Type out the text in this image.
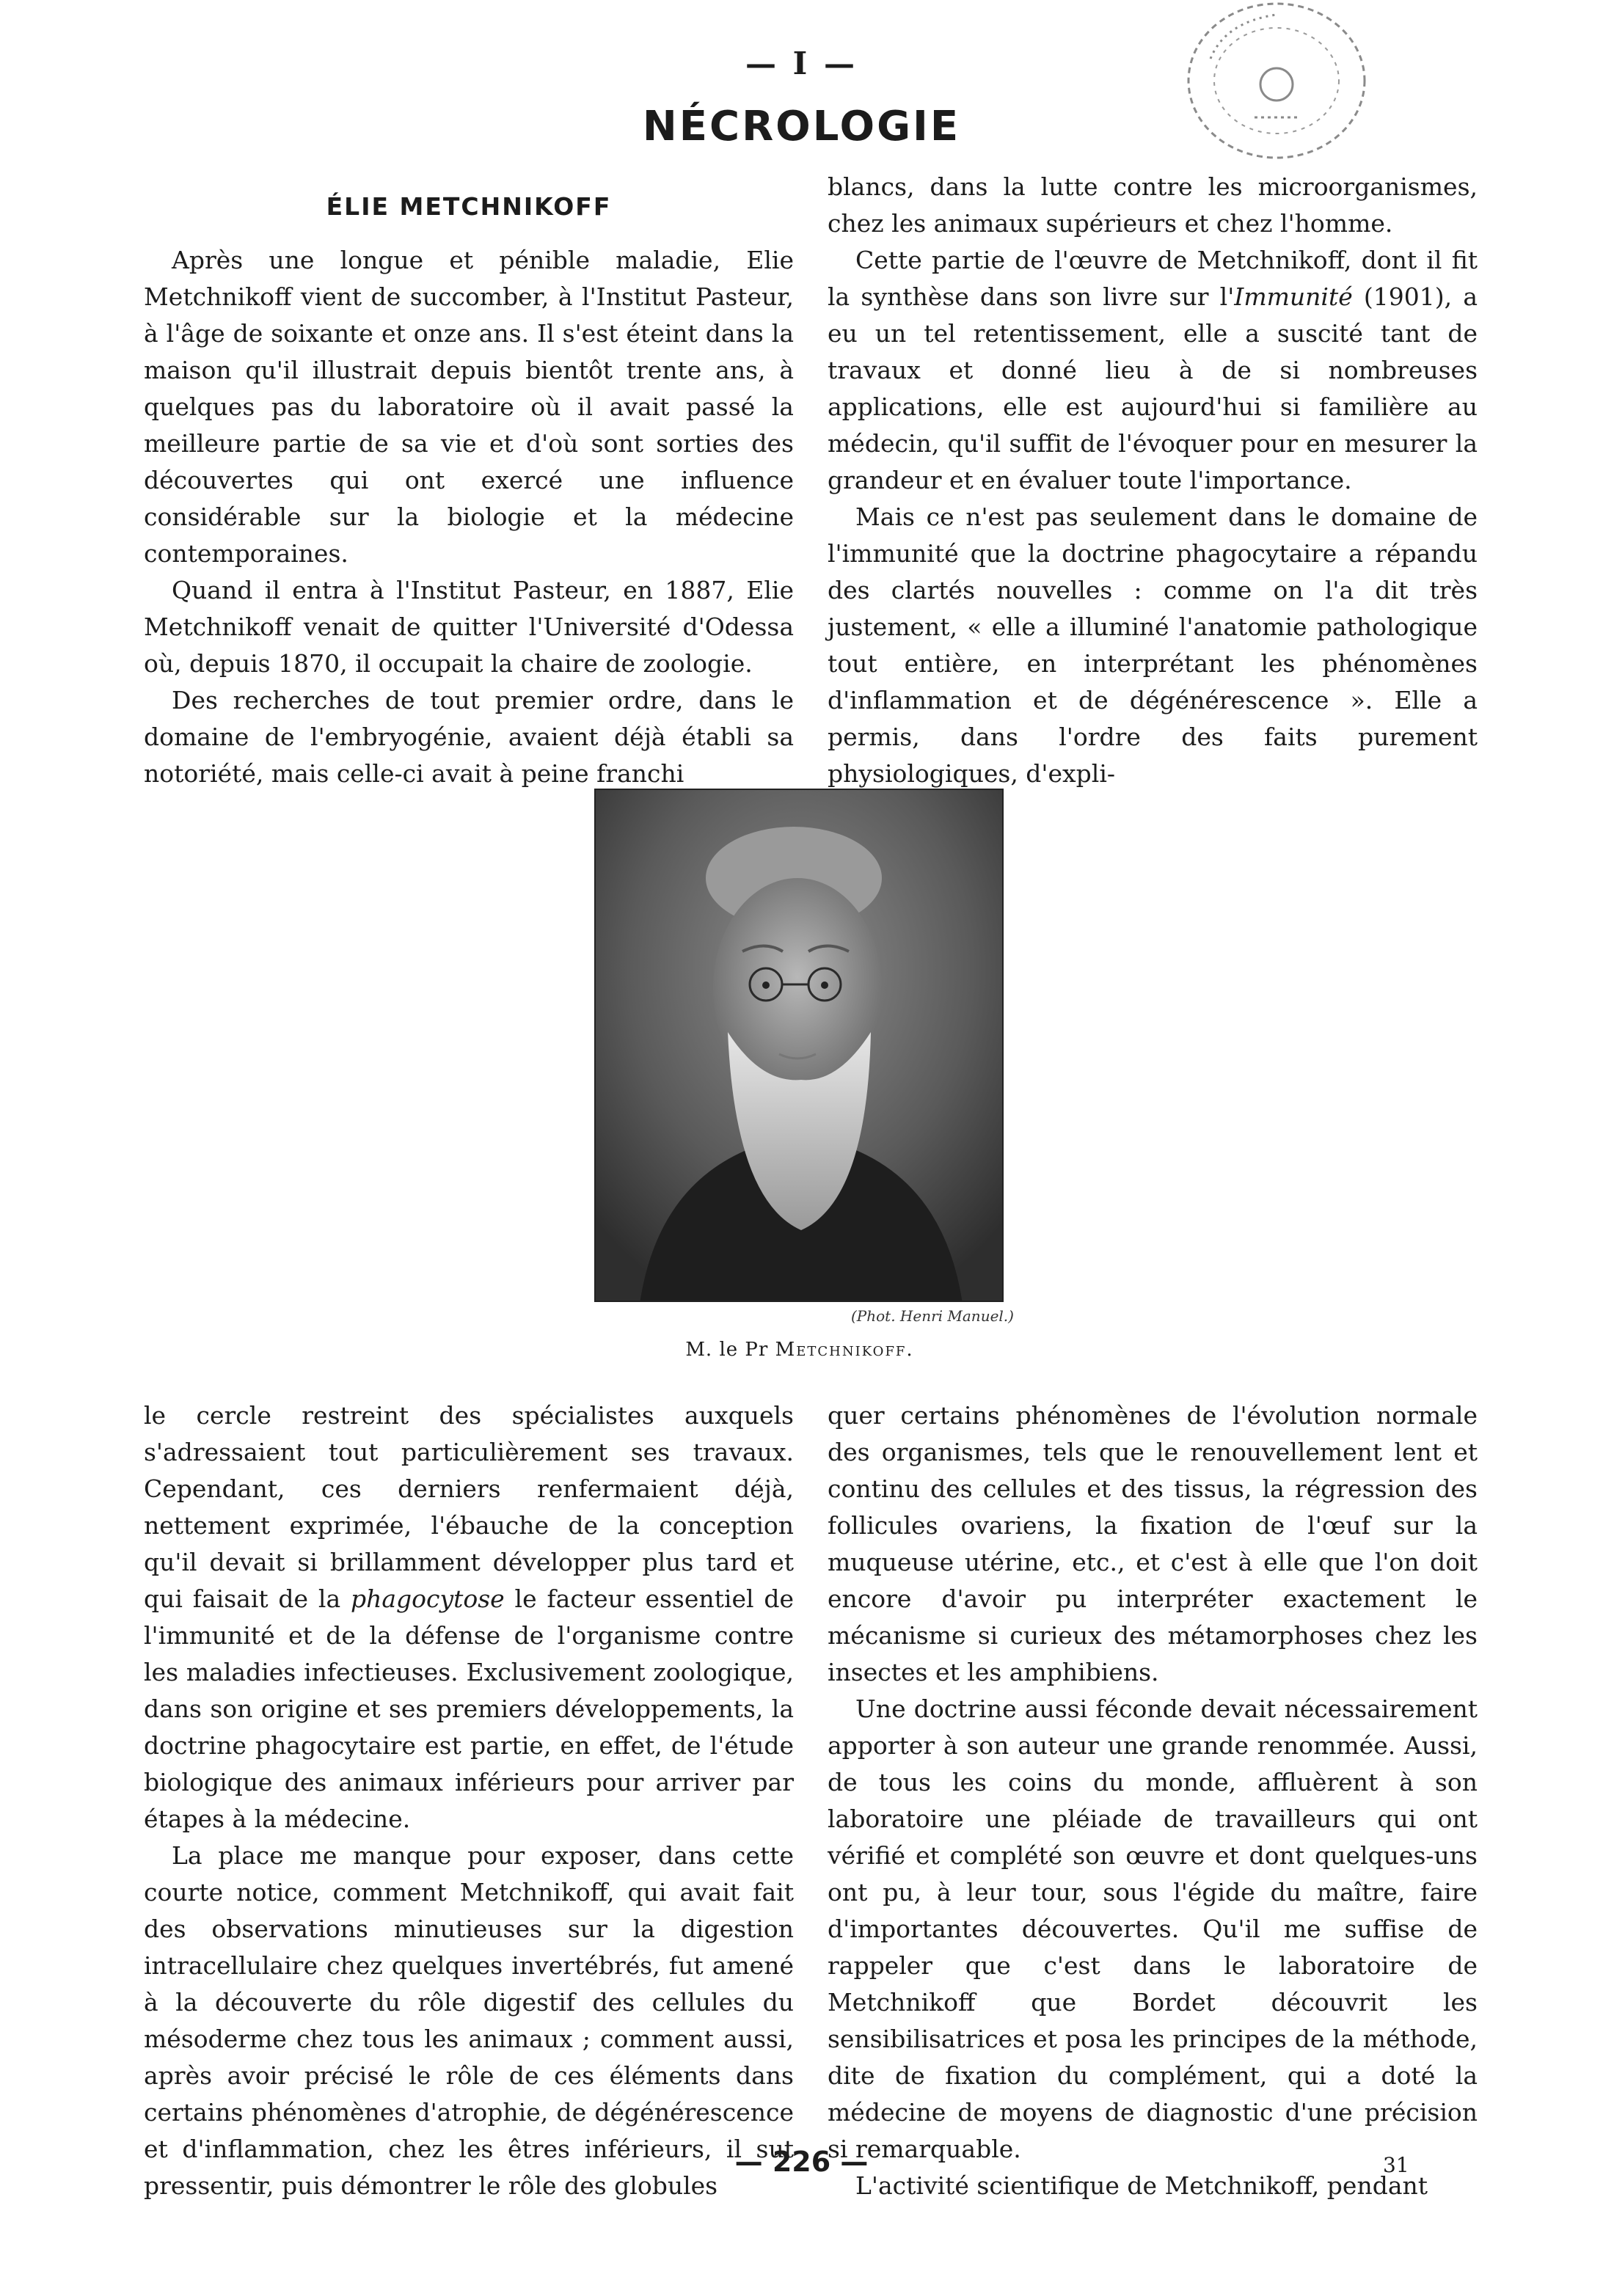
— I —
NÉCROLOGIE
ÉLIE METCHNIKOFF

Après une longue et pénible maladie, Elie Metchnikoff vient de succomber, à l'Institut Pasteur, à l'âge de soixante et onze ans. Il s'est éteint dans la maison qu'il illustrait depuis bientôt trente ans, à quelques pas du laboratoire où il avait passé la meilleure partie de sa vie et d'où sont sorties des découvertes qui ont exercé une influence considérable sur la biologie et la médecine contemporaines.

Quand il entra à l'Institut Pasteur, en 1887, Elie Metchnikoff venait de quitter l'Université d'Odessa où, depuis 1870, il occupait la chaire de zoologie.

Des recherches de tout premier ordre, dans le domaine de l'embryogénie, avaient déjà établi sa notoriété, mais celle-ci avait à peine franchi

blancs, dans la lutte contre les microorganismes, chez les animaux supérieurs et chez l'homme.

Cette partie de l'œuvre de Metchnikoff, dont il fit la synthèse dans son livre sur l'Immunité (1901), a eu un tel retentissement, elle a suscité tant de travaux et donné lieu à de si nombreuses applications, elle est aujourd'hui si familière au médecin, qu'il suffit de l'évoquer pour en mesurer la grandeur et en évaluer toute l'importance.

Mais ce n'est pas seulement dans le domaine de l'immunité que la doctrine phagocytaire a répandu des clartés nouvelles : comme on l'a dit très justement, « elle a illuminé l'anatomie pathologique tout entière, en interprétant les phénomènes d'inflammation et de dégénérescence ». Elle a permis, dans l'ordre des faits purement physiologiques, d'expli-

(Phot. Henri Manuel.)
M. le Pr Metchnikoff.

le cercle restreint des spécialistes auxquels s'adressaient tout particulièrement ses travaux. Cependant, ces derniers renfermaient déjà, nettement exprimée, l'ébauche de la conception qu'il devait si brillamment développer plus tard et qui faisait de la phagocytose le facteur essentiel de l'immunité et de la défense de l'organisme contre les maladies infectieuses. Exclusivement zoologique, dans son origine et ses premiers développements, la doctrine phagocytaire est partie, en effet, de l'étude biologique des animaux inférieurs pour arriver par étapes à la médecine.

La place me manque pour exposer, dans cette courte notice, comment Metchnikoff, qui avait fait des observations minutieuses sur la digestion intracellulaire chez quelques invertébrés, fut amené à la découverte du rôle digestif des cellules du mésoderme chez tous les animaux ; comment aussi, après avoir précisé le rôle de ces éléments dans certains phénomènes d'atrophie, de dégénérescence et d'inflammation, chez les êtres inférieurs, il sut pressentir, puis démontrer le rôle des globules

quer certains phénomènes de l'évolution normale des organismes, tels que le renouvellement lent et continu des cellules et des tissus, la régression des follicules ovariens, la fixation de l'œuf sur la muqueuse utérine, etc., et c'est à elle que l'on doit encore d'avoir pu interpréter exactement le mécanisme si curieux des métamorphoses chez les insectes et les amphibiens.

Une doctrine aussi féconde devait nécessairement apporter à son auteur une grande renommée. Aussi, de tous les coins du monde, affluèrent à son laboratoire une pléiade de travailleurs qui ont vérifié et complété son œuvre et dont quelques-uns ont pu, à leur tour, sous l'égide du maître, faire d'importantes découvertes. Qu'il me suffise de rappeler que c'est dans le laboratoire de Metchnikoff que Bordet découvrit les sensibilisatrices et posa les principes de la méthode, dite de fixation du complément, qui a doté la médecine de moyens de diagnostic d'une précision si remarquable.

L'activité scientifique de Metchnikoff, pendant

— 226 —	31
